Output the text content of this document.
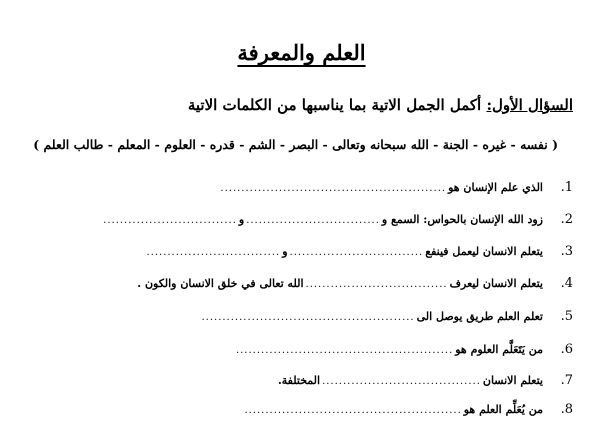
العلم والمعرفة
السؤال الأول: أكمل الجمل الاتية بما يناسبها من الكلمات الاتية
( نفسه - غيره - الجنة - الله سبحانه وتعالى - البصر - الشم - قدره - العلوم - المعلم - طالب العلم )
1.
الذي علم الإنسان هو
......................................................
2.
زود الله الإنسان بالحواس: السمع و
................................
و
................................
3.
يتعلم الانسان ليعمل فينفع
................................
و
................................
4.
يتعلم الانسان ليعرف
..................................
الله تعالى في خلق الانسان والكون .
5.
تعلم العلم طريق يوصل الى
...................................................
6.
من يَتَعَلَّم العلوم هو
....................................................
7.
يتعلم الانسان
......................................
المختلفة.
8.
من يُعَلِّم العلم هو
....................................................
